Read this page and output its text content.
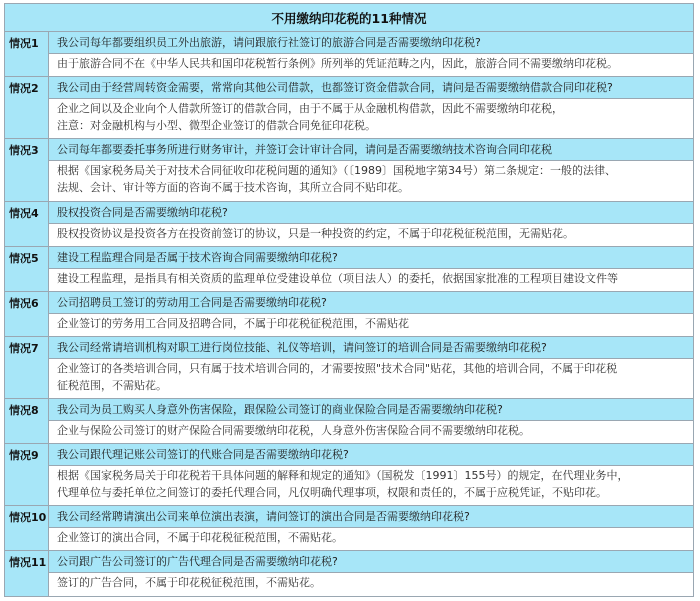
不用缴纳印花税的11种情况
情况1	我公司每年都要组织员工外出旅游，请问跟旅行社签订的旅游合同是否需要缴纳印花税?
由于旅游合同不在《中华人民共和国印花税暂行条例》所列举的凭证范畴之内，因此，旅游合同不需要缴纳印花税。
情况2	我公司由于经营周转资金需要，常常向其他公司借款，也都签订资金借款合同，请问是否需要缴纳借款合同印花税?
企业之间以及企业向个人借款所签订的借款合同，由于不属于从金融机构借款，因此不需要缴纳印花税，
注意：对金融机构与小型、微型企业签订的借款合同免征印花税。
情况3	公司每年都要委托事务所进行财务审计，并签订会计审计合同，请问是否需要缴纳技术咨询合同印花税
根据《国家税务局关于对技术合同征收印花税问题的通知》（〔1989〕国税地字第34号）第二条规定：一般的法律、
法规、会计、审计等方面的咨询不属于技术咨询，其所立合同不贴印花。
情况4	股权投资合同是否需要缴纳印花税?
股权投资协议是投资各方在投资前签订的协议，只是一种投资的约定，不属于印花税征税范围，无需贴花。
情况5	建设工程监理合同是否属于技术咨询合同需要缴纳印花税?
建设工程监理，是指具有相关资质的监理单位受建设单位（项目法人）的委托，依据国家批准的工程项目建设文件等
情况6	公司招聘员工签订的劳动用工合同是否需要缴纳印花税?
企业签订的劳务用工合同及招聘合同，不属于印花税征税范围，不需贴花
情况7	我公司经常请培训机构对职工进行岗位技能、礼仪等培训，请问签订的培训合同是否需要缴纳印花税?
企业签订的各类培训合同，只有属于技术培训合同的，才需要按照"技术合同"贴花，其他的培训合同，不属于印花税
征税范围，不需贴花。
情况8	我公司为员工购买人身意外伤害保险，跟保险公司签订的商业保险合同是否需要缴纳印花税?
企业与保险公司签订的财产保险合同需要缴纳印花税，人身意外伤害保险合同不需要缴纳印花税。
情况9	我公司跟代理记账公司签订的代账合同是否需要缴纳印花税?
根据《国家税务局关于印花税若干具体问题的解释和规定的通知》（国税发〔1991〕155号）的规定，在代理业务中，
代理单位与委托单位之间签订的委托代理合同，凡仅明确代理事项，权限和责任的，不属于应税凭证，不贴印花。
情况10 我公司经常聘请演出公司来单位演出表演，请问签订的演出合同是否需要缴纳印花税?
企业签订的演出合同，不属于印花税征税范围，不需贴花。
情况11 公司跟广告公司签订的广告代理合同是否需要缴纳印花税?
签订的广告合同，不属于印花税征税范围，不需贴花。
